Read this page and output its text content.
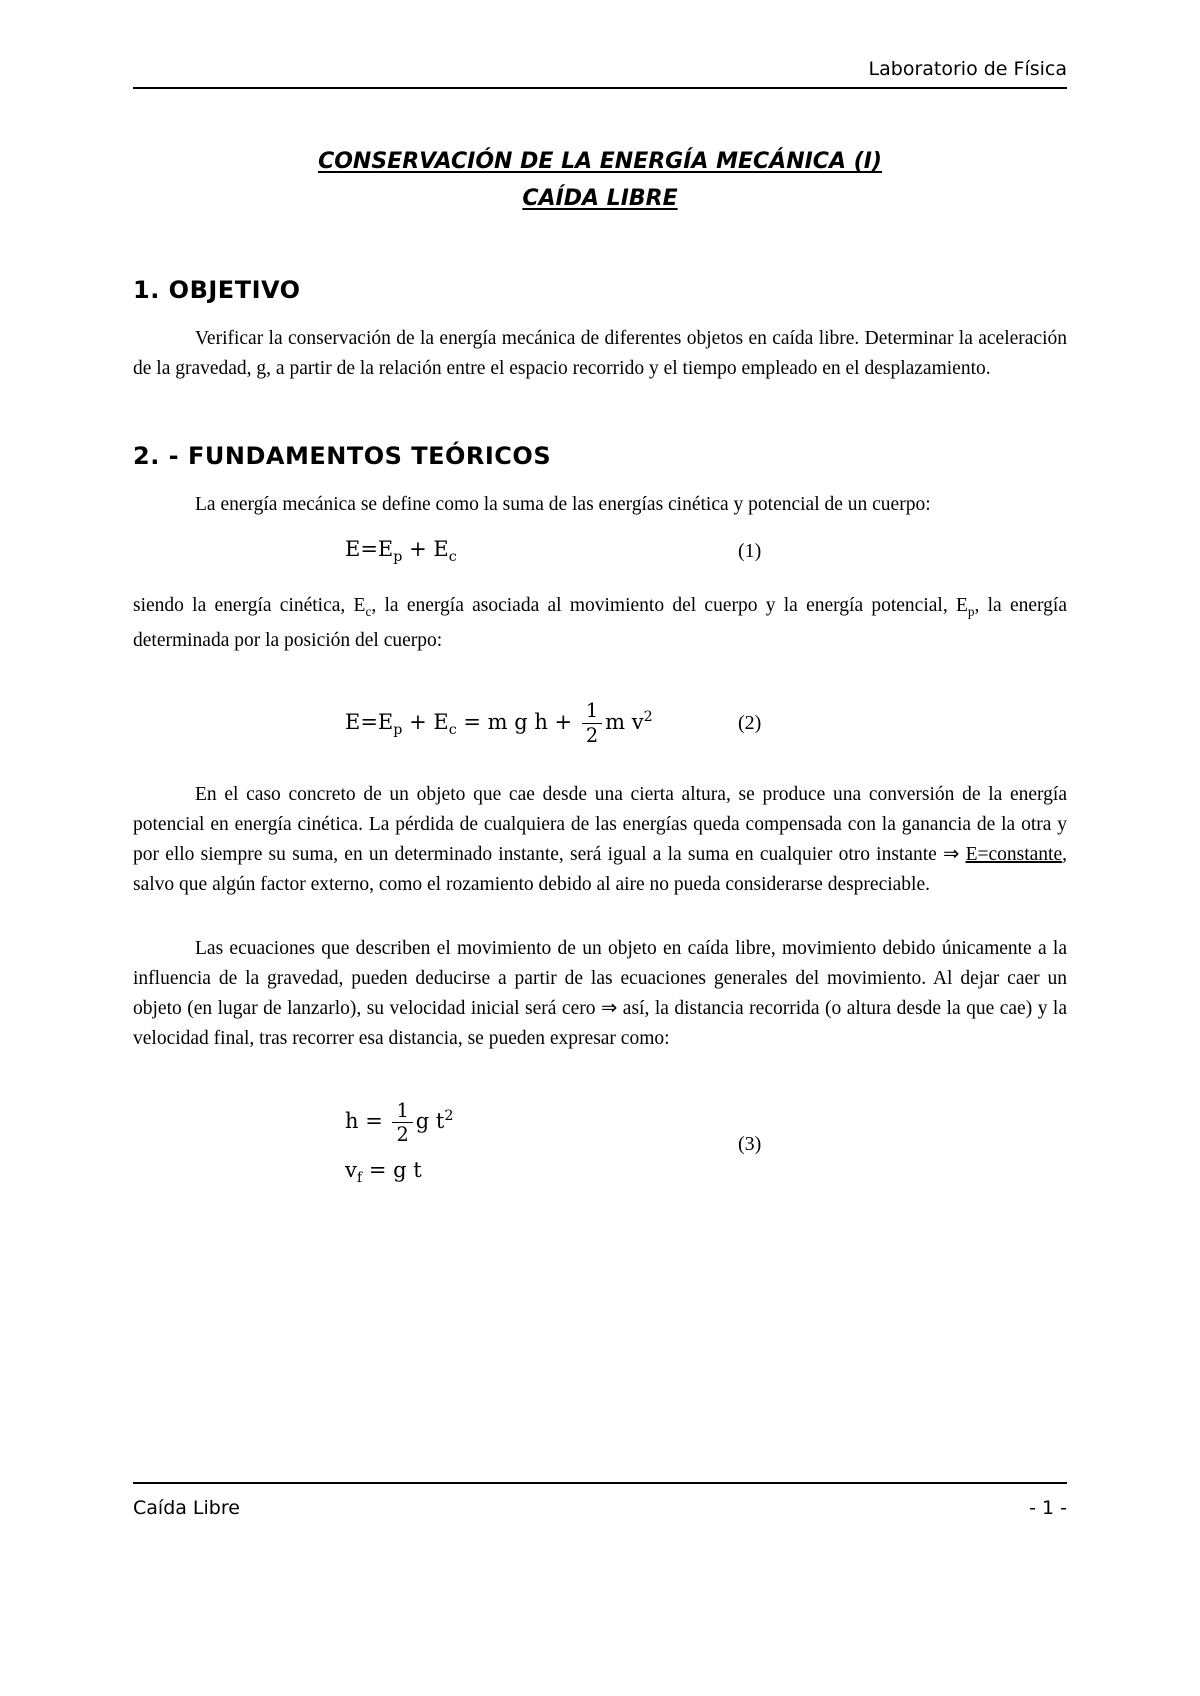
Laboratorio de Física
CONSERVACIÓN DE LA ENERGÍA MECÁNICA (I)
CAÍDA LIBRE
1. OBJETIVO

Verificar la conservación de la energía mecánica de diferentes objetos en caída libre. Determinar la aceleración de la gravedad, g, a partir de la relación entre el espacio recorrido y el tiempo empleado en el desplazamiento.

2. - FUNDAMENTOS TEÓRICOS

La energía mecánica se define como la suma de las energías cinética y potencial de un cuerpo:

$E=E_p + E_c$	(1)

siendo la energía cinética, $E_c$, la energía asociada al movimiento del cuerpo y la energía potencial, $E_p$, la energía determinada por la posición del cuerpo:

$E=E_p + E_c = m$ g $h + \frac{1}{2}$ m $v^2$	(2)

En el caso concreto de un objeto que cae desde una cierta altura, se produce una conversión de la energía potencial en energía cinética. La pérdida de cualquiera de las energías queda compensada con la ganancia de la otra y por ello siempre su suma, en un determinado instante, será igual a la suma en cualquier otro instante ⇒ E=constante, salvo que algún factor externo, como el rozamiento debido al aire no pueda considerarse despreciable.

Las ecuaciones que describen el movimiento de un objeto en caída libre, movimiento debido únicamente a la influencia de la gravedad, pueden deducirse a partir de las ecuaciones generales del movimiento. Al dejar caer un objeto (en lugar de lanzarlo), su velocidad inicial será cero ⇒ así, la distancia recorrida (o altura desde la que cae) y la velocidad final, tras recorrer esa distancia, se pueden expresar como:

$h = \frac{1}{2}$ g $t^2$
$v_f = g$ t
(3)
Caída Libre	- 1 -
